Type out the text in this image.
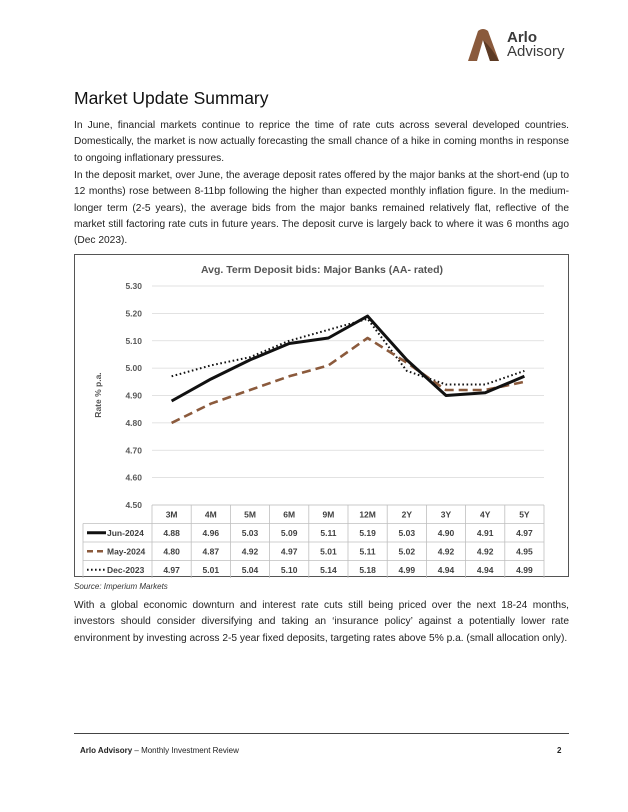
Arlo
Advisory
Market Update Summary

In June, financial markets continue to reprice the time of rate cuts across several developed countries. Domestically, the market is now actually forecasting the small chance of a hike in coming months in response to ongoing inflationary pressures.

In the deposit market, over June, the average deposit rates offered by the major banks at the short-end (up to 12 months) rose between 8-11bp following the higher than expected monthly inflation figure. In the medium-longer term (2-5 years), the average bids from the major banks remained relatively flat, reflective of the market still factoring rate cuts in future years. The deposit curve is largely back to where it was 6 months ago (Dec 2023).

Avg. Term Deposit bids: Major Banks (AA- rated)
Rate % p.a.
4.50
4.60
4.70
4.80
4.90
5.00
5.10
5.20
5.30
3M	4M	5M	6M	9M	12M	2Y	3Y	4Y	5Y
Jun-2024 4.88	4.96	5.03	5.09	5.11	5.19	5.03	4.90	4.91	4.97
May-2024 4.80	4.87	4.92	4.97	5.01	5.11	5.02	4.92	4.92	4.95
Dec-2023 4.97	5.01	5.04	5.10	5.14	5.18	4.99	4.94	4.94	4.99
Source: Imperium Markets

With a global economic downturn and interest rate cuts still being priced over the next 18-24 months, investors should consider diversifying and taking an ‘insurance policy’ against a potentially lower rate environment by investing across 2-5 year fixed deposits, targeting rates above 5% p.a. (small allocation only).

Arlo Advisory – Monthly Investment Review	2
